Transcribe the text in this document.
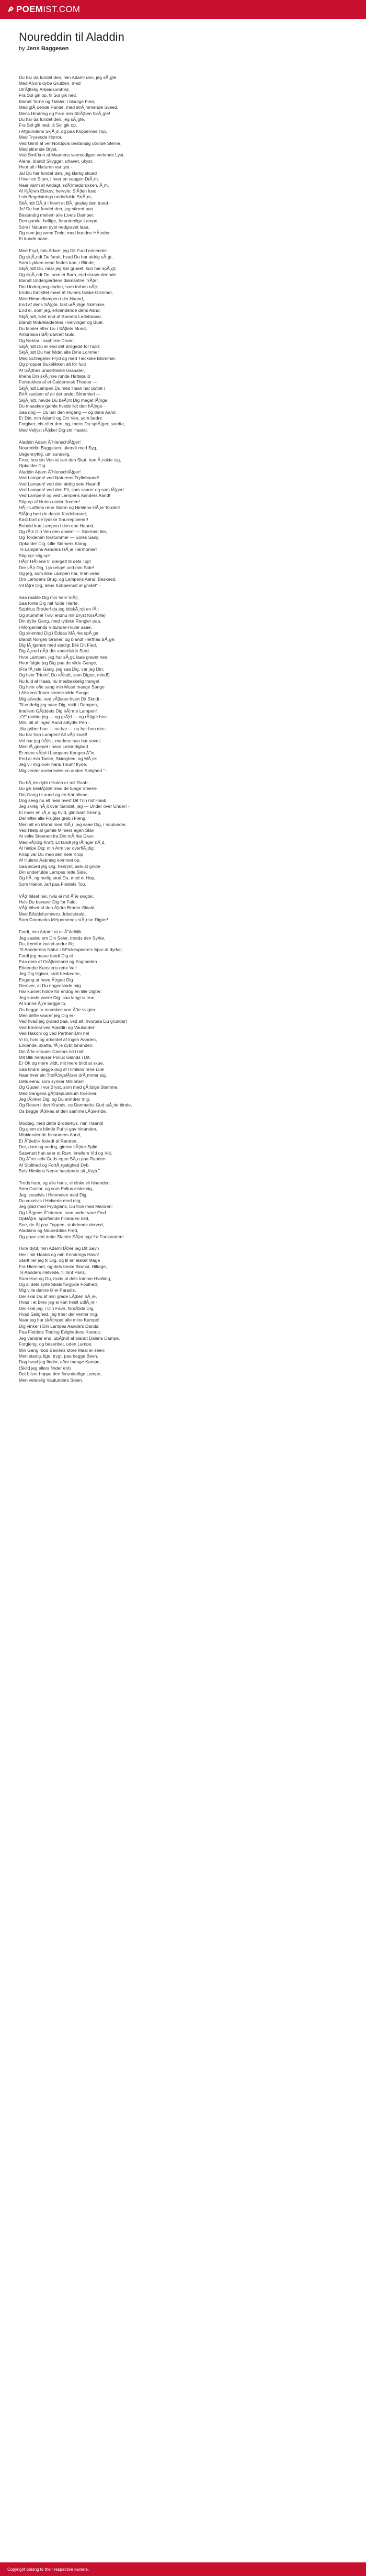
POEMIST.COM
Noureddin til Aladdin
by Jens Baggesen
Du har da fundet den, min Adam! den, jeg sÃ¸gte
Med Alvors dybe Grublen, med
UtrÃ¦ttelig Arbeidsomhed,
Fra Sol gik op, til Sol gik ned,
Blandt Torne og Tidsler, i blodige Fied,
Med glÃ¸dende Pande, med strÃ¸mmende Sveed,
Mens Hindring og Fare min StrÃ¦ben forÃ¸gte!
Du har da fundet den, jeg sÃ¸gte,
Fra Sol gik ned, til Sol gik op,
I Afgrundens SkjÃ¸d, og paa Klippernes Top,
Med Trysende Horror,
Ved Glimt af ver Nordpols bestandig utrolde Sterne,
Med stirende Bryst,
Ved Smil kun af Maanens veemodigen verlende Lyst,
Alene, blandt Skygger, ufravet, ukyst,
Hvor alt i Naturen var tyst -
Ja! Du har fundet den, jeg klarlig skued
I hver en Slum, i hver en vaagen DrÃ¸m,
Naar varm af Andagt, skÃ¦lmeddrukken, Ã¸m,
Af KjÃ¦ren Elskov, hervyle, SiÃ¦len lued
I sin Begeistrings underfulde StrÃ¸m,
SkÃ¸ndt DÃ¸d i hvert et BÃ¸lgeslag den trued -
Ja! Du har fundet den, jeg stirred paa
Bestandig mellem alle Livets Damper:
Den gamle, hellige, forunderlige Lampe,
Som i Naturen dybt nedgravet laae,
Og som jeg arme Trold, med bundne HÃ¦nder,
Ei kunde naae.
Med Fryd, min Adam! jeg Dit Fund erkiender.
Og skjÃ¸ndt Du fandt, hvad Du har aldrig sÃ¸gt,
Som Lykken eene findes kan, i Blinde;
SkjÃ¸ndt Du, naar jeg har grueet, kun har spÃ¸gt;
Og skjÃ¸ndt Du, som et Barn, end staaer derinde
Blandt Undergierdens diamantne TrÃ¦er,
Din Undergang endnu, som forhen nÃ¦r;
Endnu fortryllet meer af Hulens falske Glimmer,
Med Himmellampen i din Haand,
End af dens SÃ¦gte, fast urÃ¸rlige Skimmer,
End ei, som jeg, erkiendende dens Aand;
SkjÃ¸ndt, lidet end af Barnets Ledebaand,
Blandt Middelalderens Hvelvinger og Buer,
Du famler efter Liv i SÃ¦lets Mund,
Ambrosia i BÃ¦rdannet Guld,
Og Nektar i saphirne Druer;
SkjÃ¸ndt Du er end det Brogede for huld;
SkjÃ¸ndt Du har fyldet alle Dine Lommer
Med Schlegelsk Fryd og med Tieckske Blommer,
Og propper Buxefikken alt for fuld
Af GÃ¦thes underfolske Granater,
Imens Din skÃ¸nne runde Hattepuld
Forkrukkes af et Calderonsk Theater —
SkjÃ¸ndt Lampen Du med Haan har puttet i
BriÃ¦sselsen af alt det andet Skramleri —
SkjÃ¸ndt, havde Du beÃ¦nt Dig meget lÃ¦nge,
Du maaskee gamle hvede lidt den hÃ¦nge -
Saa dog — Du har den engang — og dens Aand
Er Din, min Adam! og Din Ven, som bedre
Forgiver, eis efter den, og, mens Du sprÃ¦ger, svedte,
Med Vellyst rÃ¦kker Dig sin Haand.
Aladdin Adam Ã˜hlenschlÃ¦ger!
Noureddin Baggesen, ukendt med Syg,
Uegennyttig, umisundelig,
Froe, hos sin Ven at see den Skat, han Ã¸nskte sig,
Opkalder Dig:
Aladdin Adam Ã˜hlenschlÃ¦ger!
Ved Lampen! ved Naturens Tryllebaand!
Ved Lampen! ved den aldrig sete Haand!
Ved Lampen! ved den Pil, som saarer og som lÃ¦ger!
Ved Lampen! og ved Lampens Aanders Aand!
Stig op af Hulen under Jorden!
HÃ¸r Luftens rene Storm og Himlens HÃ¸ie Torden!
SlÃ¦ng bort de dansk Kiedebaand;
Kast bort de tydske Snurrepiberier!
Behold kun Lampen i den ene Haand,
Og rÃ¦k Din Ven den anden! — Stormen tier,
Og Tordenen forstummer — Soles Sang
Opkalder Dig, Lille Stemers Klang,
Til Lampens Aanders HÃ¸ie Harmonier!
Stig op! stig op!
HÃ¦ir HÃ¦lene til Bierget! til dets Top!
Der vÃ¦r Dig, Lykkelige! ved min Side!
Og jeg, som ikke Lampen har, men veed
Om Lampens Brug, og Lampens Aand, Beskeed,
Vil lÃ¦re Dig, dens Kobberrust at gnide!" -
Saa raabte Dig min hele SiÃ¦l,
Saa tonte Dig mit fulde Hierte,
Sophius Broder! da jeg tidskÃ¸rdt en fÃ¦l
Og stummel Tvivl endnu mit Bryst forsÃ¦rte)
Din dybe Gang, med tydske Rangler paa,
I Morgenlands Vidunder-Hiuler saae,
Og skiented Dig i Eddas MÃ¸rke spÃ¸ge
Blandt Norges Graner, og blandt Herthas BÃ¸ge;
Dig fÃ¸lgende med stadigt Blik Dit Fied,
Dig Ã¸end nÃ¦r det underfulde Sted,
Hvor Lampen, jeg har sÃ¸gt, laae gravet ned;
Hvor fulgte jeg Dig paa de vilde Gange,
(Fra fÃ¸rste Gang, jeg saa Dig, var jeg Din;
Og hver Triumf, Du vÃ¦ndt, som Digter, mind!)
Nu fuld af Haab, nu medbeskelig trange!
Og hvor ofte sang min Muse mange Sange
I Alskens Toner stemte vilde Sange
Mig allvede, ved vÃ¦lsten hvert Dit Skridt -
Til endelig jeg saae Dig, midt i Dampen,
Imellem GÃ¦ddets Dig nÃ¦rme Lampen!
„O!" raabte jeg — og grÃ¦d — og rÃ¦igte hen
Min, alt af ingen Aand adlydte Pen -
„Nu griber han — nu har — nu har han den -
Nu har han Lampen! Alt vÃ¦r lovet!
Vel har jeg frÃ¦lst, medens han har sovet;
Men lÃ¸gnepet i hans Letsindighed
Er mere vÃ¦rd i Lampens Konges Ã˜ie,
End al min Tanke, Skidighed, og MÃ¸ie:
Jeg vil mig over hans Triumf fryde,
Mig venter anderledes en anden Salighed." -
Du hÃ¸rte dybt i Hulen er mit Raab -
Du gik beslÃ¦stet med de tunge Steene
Din Gang i Lound og en Kat allene;
Dog seeg nu alt med hvert Dit Trin mit Haab,
Jeg skreg hÃ¸it over Sandet, jeg — Under over Under! -
Ei meer en rÃ¸d og hvid, glinthant Streng,
Der efter alle Frugter greb i Fleng;
Men alt en Mand med SlÃ¸r, jeg saae Dig, i Vaulunder,
Ved Hielp af gamle Mimers egen Stav
At velte Steenen fra Din mÃ¸rke Grav:
Med vÃ¦ldig Kraft. Et fandt jeg lÃ¦nger nÃ¸d,
At hielpe Dig; min Arm var overflÃ¸dig:
Knap var Du med den hele Krop
Af Hulens Aabning kommet op,
Saa skued jeg Dig, henrykt, selv at gnide
Din underfulde Lampes rette Side,
Og hÃ¸ og herlig stod Du, med et Hop,
Som Hakon Jarl paa Fieldets Top.
VÃ¦r hilset her, hvis ei mit Ã˜ie svigter,
Hvis Du bevarer Dig for Fald,
VÃ¦r hilset af den Ã¦ldre Broder-Skiald,
Med Bifaldshymnens Jubelskrald,
Som Danmarks Melpomenes stÃ¸rste Digter!
Fordi, min Adam! at er Ã˜delblik
Jeg saaled om Din Seier, troeds den Syrke,
Du, fremfor lovind andre fik;
Til Aanderens Natur i SPickespeare's Spor at dyrke;
Fordi jeg maae fandt Dig ei
Paa dem af GrÃ¦kenland og Englanden
Erkiendte Kunstens rette Vei!
Jeg Dig tilgiver, stolt beskeden,
Engang at have Ã¦rgret Dig
Derover, at Du nogensinde mig
Har kunnet holde for endog en lille Digter:
Jeg kunde vaere Dig: saa langt vi troe,
At kunne Ã¸re begge to,
Os begge to maaskee vort Ã˜ie svigter;
Men dette vaarer jeg Dig ei -
Ved hvad jeg prated paa, ved alt, hvorpaa Du grunder!
Ved Emmat ved Aladdin og Vaulunder!
Ved Hakonl og ved Parthen!Dn! ne!
Vi to, hvis og arbeidet af ingen Aanden,
Erkiende, skatte, fÃ¸le dybt hinanden:
Din Ã˜le strauler Castors Ild i mit;
Mit Blik henlyser Pollux Glands i Dit.
Er Ott og mere vildt, mit mere blidt at skue,
Saa tindre begge dog af Himlens rene Lue!
Naar hver sin TrofÃ¦ngslÃ¦ser drÃ¸mmer sig,
Dets eens, som synker Millioner!
Og Guden i vor Bryst, som med gÃ¦ldige Stemme,
Med Sangens gÃ¦tdepublikum forsoner,
Jeg lÃ¦nker Dig, og Du erindrer mig;
Og Rosen i den Krands, os Danmarks Gud stÃ¸tte binde,
Os begge tÃ¦kkes af den samme LÃ¦sernde.
Modtag, med dette Broderkys, min Haand!
Og glem de blinde Puf vi gav hinanden,
Miskiendende hinandens Aand,
Et Ã˜deblik forledt af Randen,
Der, dum og nedrig, gierne sÃ¦tter Splid,
Saavnart han seer et Rum, imellem Vid og Vid,
Og Ã˜rer selv Guds egen SÃ¸n paa Randen
Af Stolthed og FortÃ¸rgelighed Dyb,
Selv Himlens Nerve havdende sit „Kryb."
Trods ham, og alle hans, vi elske vil hinanden,
Som Castor, og som Pollux elske sig,
Jeg, veselvis i Himmelen med Dig,
Du vexelvis i Helvede med mig;
Jeg glad med Frydglans, Du froe med Manden;
Og LÃ¦gens Ã˜rdenen, som under vore Fied
OpklÃ¦re, sparfiende hinanden ned,
See, de Ã¦ paa Toppen, stubdende derved,
Aladdins og Noureddins Fred,
Og gaae ved dette Slaette SÃ¦nt rygt fra Forstanden!
Hvor dybt, min Adam! fÃ¦ler jeg Dit Savn
Her i mit Haabs og min Erindrings Havn!
Starlt lier jeg til Dig, og til en elsket Mage
Fra Hiemmet, og dets beste Blomst, Hiltage,
Til Aanders Helvede, til hint Paris,
Som Hun og Du, trods al dets tomme Hvalling,
Og al dets sylte Skals forgylde Foulhed,
Mig ville danne til et Paradis.
Der skal Du af min glade LÃ¦ben hÃ¸re,
Hvad i et Brev jeg ei kan heelt udfÃ¸re -
Der skal jeg, i Din Favn, forsÃ¦kle Dig,
Hvad Salighed, jeg troer der venter mig,
Naar jeg har skÃ¦mpet alle mine Kampe!
Dig vinker i Din Lampes Aanders Dands:
Paa Fieldets Tinding Evighedens Krands;
Jeg vandrer end, ubÃ¦ndt af blandt Dalens Dampe,
Forgieng, og besenbet, uden Lampe,
Min Gang mod Baviens store Maal er seen;
Men stadig, lige, trygt, paa begge Been,
Dog hvad jeg finder, efter mange Kampe,
(Skild jeg ellers finder ent)
Det bliver hoppe den forunderlige Lampe,
Men vetelelig Vaulunders Steen.
Copyright belong to their respective owners.
